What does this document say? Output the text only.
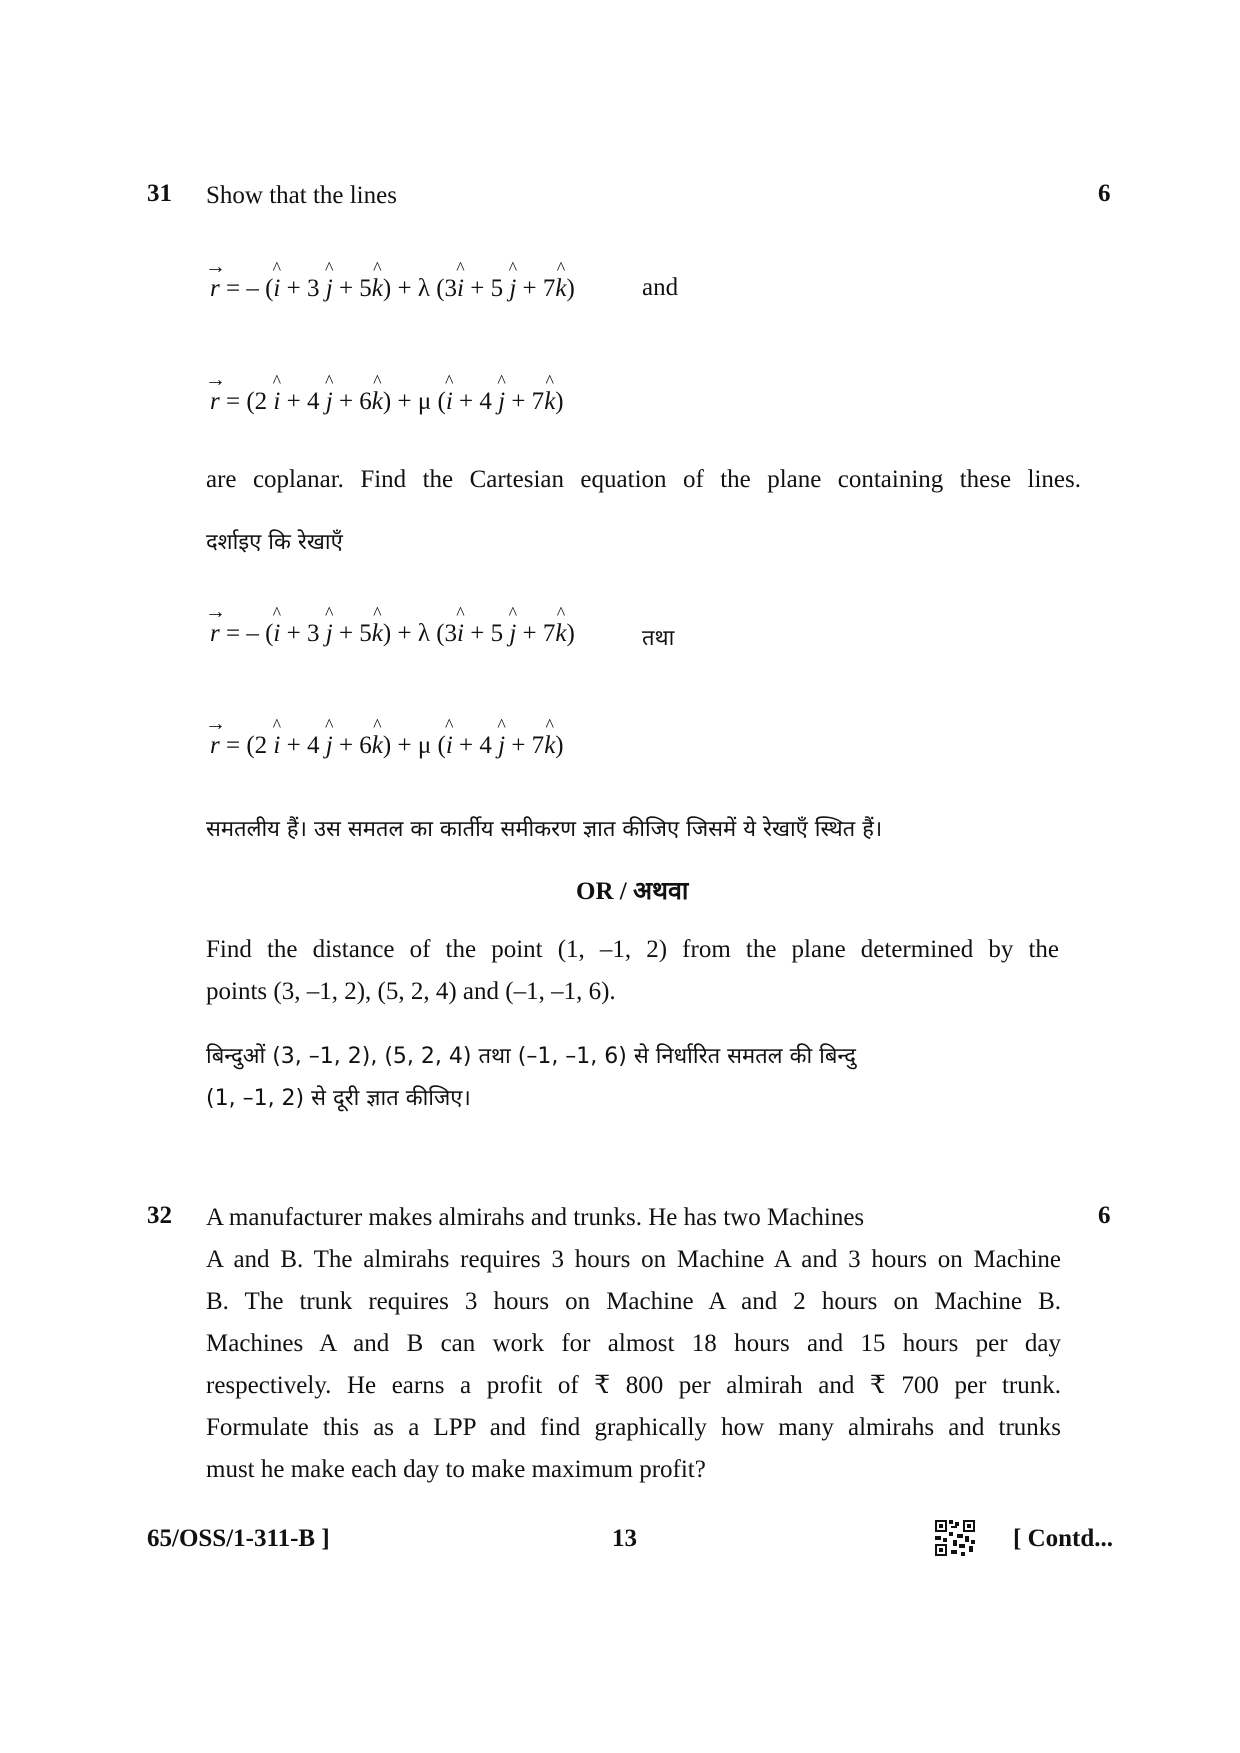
31 Show that the lines	6
→ r = – (^ i + 3 ^ j + 5^ k) + λ (3^ i + 5 ^ j + 7^ k)	and
→ r = (2 ^ i + 4 ^ j + 6^ k) + μ (^ i + 4 ^ j + 7^ k)
are coplanar. Find the Cartesian equation of the plane containing these lines.
दर्शाइए कि रेखाएँ
→ r = – (^ i + 3 ^ j + 5^ k) + λ (3^ i + 5 ^ j + 7^ k)	तथा
→ r = (2 ^ i + 4 ^ j + 6^ k) + μ (^ i + 4 ^ j + 7^ k)
समतलीय हैं। उस समतल का कार्तीय समीकरण ज्ञात कीजिए जिसमें ये रेखाएँ स्थित हैं।
OR / अथवा
Find the distance of the point (1, –1, 2) from the plane determined by the
points (3, –1, 2), (5, 2, 4) and (–1, –1, 6).
बिन्दुओं (3, –1, 2), (5, 2, 4) तथा (–1, –1, 6) से निर्धारित समतल की बिन्दु
(1, –1, 2) से दूरी ज्ञात कीजिए।
32	6
A manufacturer makes almirahs and trunks. He has two Machines
A and B. The almirahs requires 3 hours on Machine A and 3 hours on Machine
B. The trunk requires 3 hours on Machine A and 2 hours on Machine B.
Machines A and B can work for almost 18 hours and 15 hours per day
respectively. He earns a profit of ₹ 800 per almirah and ₹ 700 per trunk.
Formulate this as a LPP and find graphically how many almirahs and trunks
must he make each day to make maximum profit?
65/OSS/1-311-B ]	13	[ Contd...
